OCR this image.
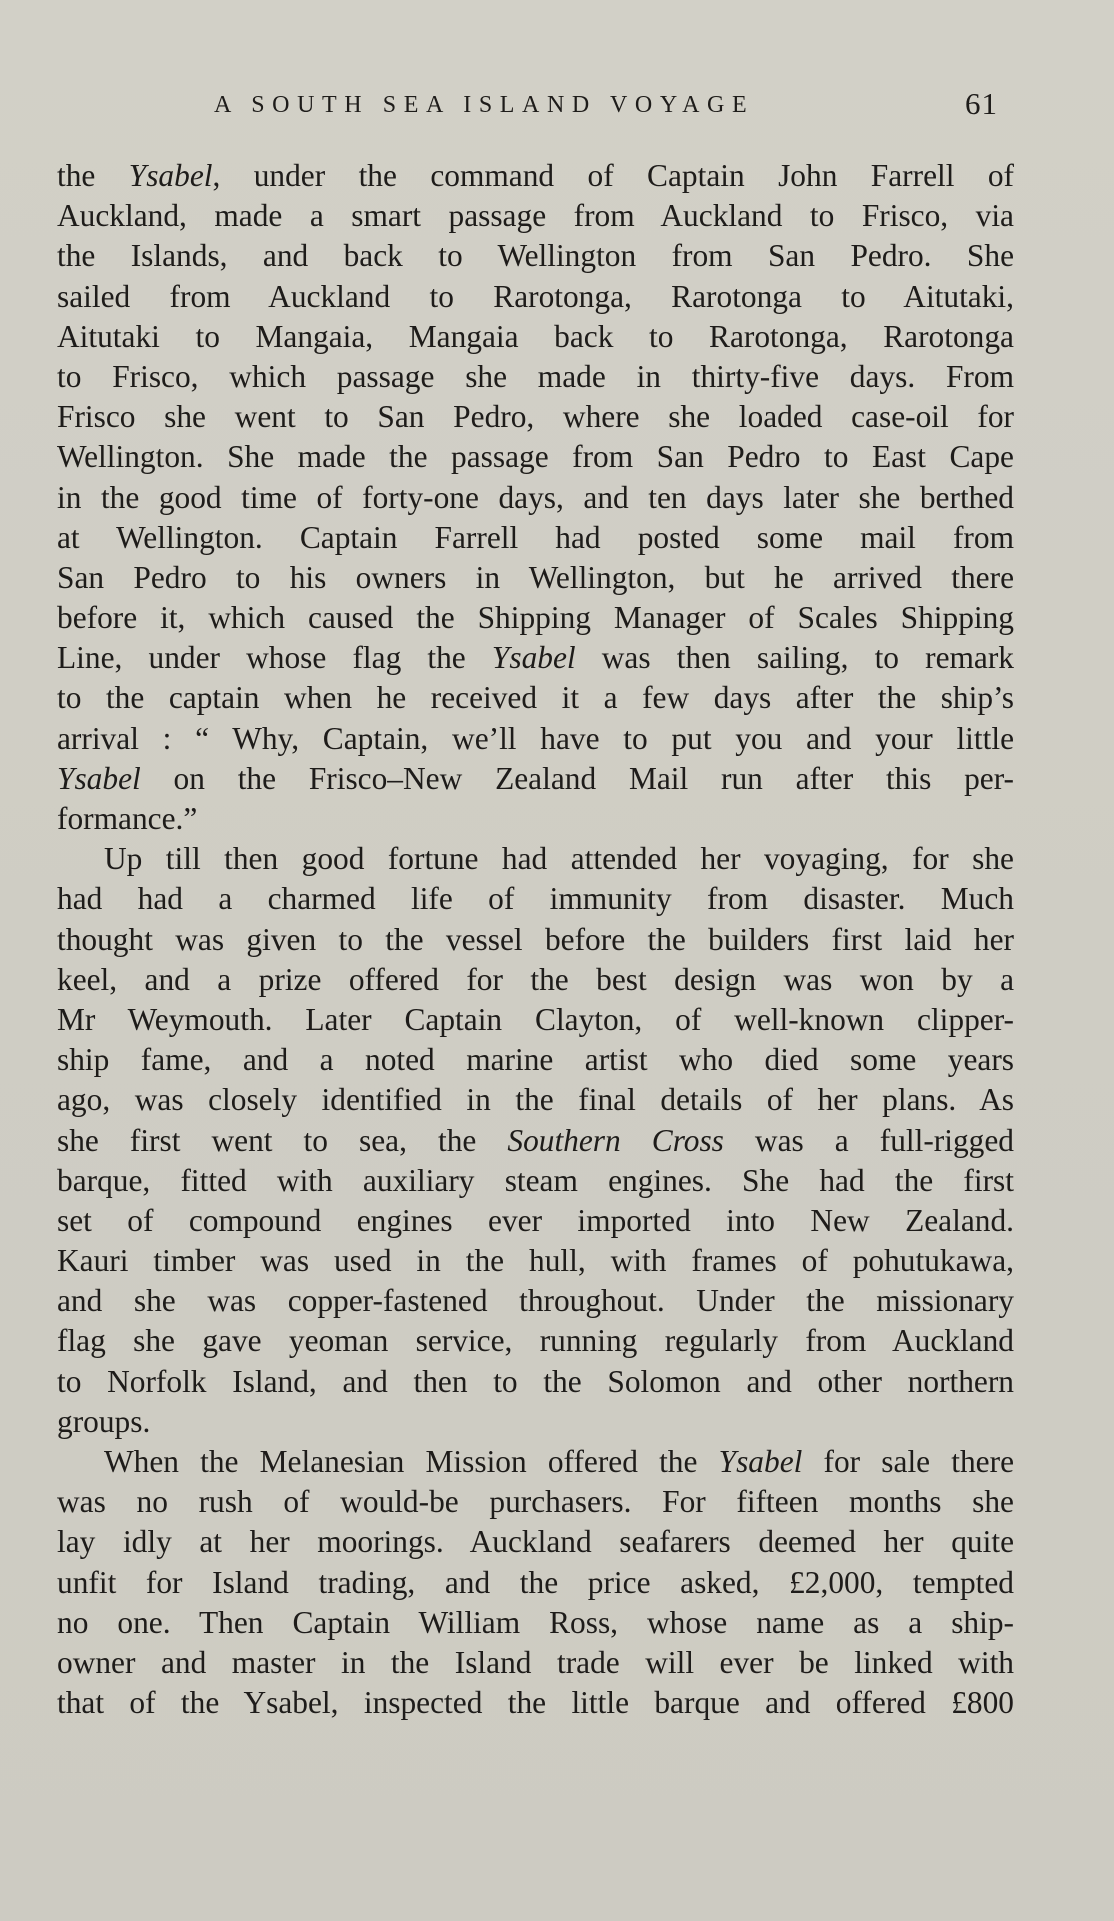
A SOUTH SEA ISLAND VOYAGE	61
the Ysabel, under the command of Captain John Farrell of
Auckland, made a smart passage from Auckland to Frisco, via
the Islands, and back to Wellington from San Pedro. She
sailed from Auckland to Rarotonga, Rarotonga to Aitutaki,
Aitutaki to Mangaia, Mangaia back to Rarotonga, Rarotonga
to Frisco, which passage she made in thirty-five days. From
Frisco she went to San Pedro, where she loaded case-oil for
Wellington. She made the passage from San Pedro to East Cape
in the good time of forty-one days, and ten days later she berthed
at Wellington. Captain Farrell had posted some mail from
San Pedro to his owners in Wellington, but he arrived there
before it, which caused the Shipping Manager of Scales Shipping
Line, under whose flag the Ysabel was then sailing, to remark
to the captain when he received it a few days after the ship’s
arrival : “ Why, Captain, we’ll have to put you and your little
Ysabel on the Frisco–New Zealand Mail run after this per-
formance.”
Up till then good fortune had attended her voyaging, for she
had had a charmed life of immunity from disaster. Much
thought was given to the vessel before the builders first laid her
keel, and a prize offered for the best design was won by a
Mr Weymouth. Later Captain Clayton, of well-known clipper-
ship fame, and a noted marine artist who died some years
ago, was closely identified in the final details of her plans. As
she first went to sea, the Southern Cross was a full-rigged
barque, fitted with auxiliary steam engines. She had the first
set of compound engines ever imported into New Zealand.
Kauri timber was used in the hull, with frames of pohutukawa,
and she was copper-fastened throughout. Under the missionary
flag she gave yeoman service, running regularly from Auckland
to Norfolk Island, and then to the Solomon and other northern
groups.
When the Melanesian Mission offered the Ysabel for sale there
was no rush of would-be purchasers. For fifteen months she
lay idly at her moorings. Auckland seafarers deemed her quite
unfit for Island trading, and the price asked, £2,000, tempted
no one. Then Captain William Ross, whose name as a ship-
owner and master in the Island trade will ever be linked with
that of the Ysabel, inspected the little barque and offered £800
